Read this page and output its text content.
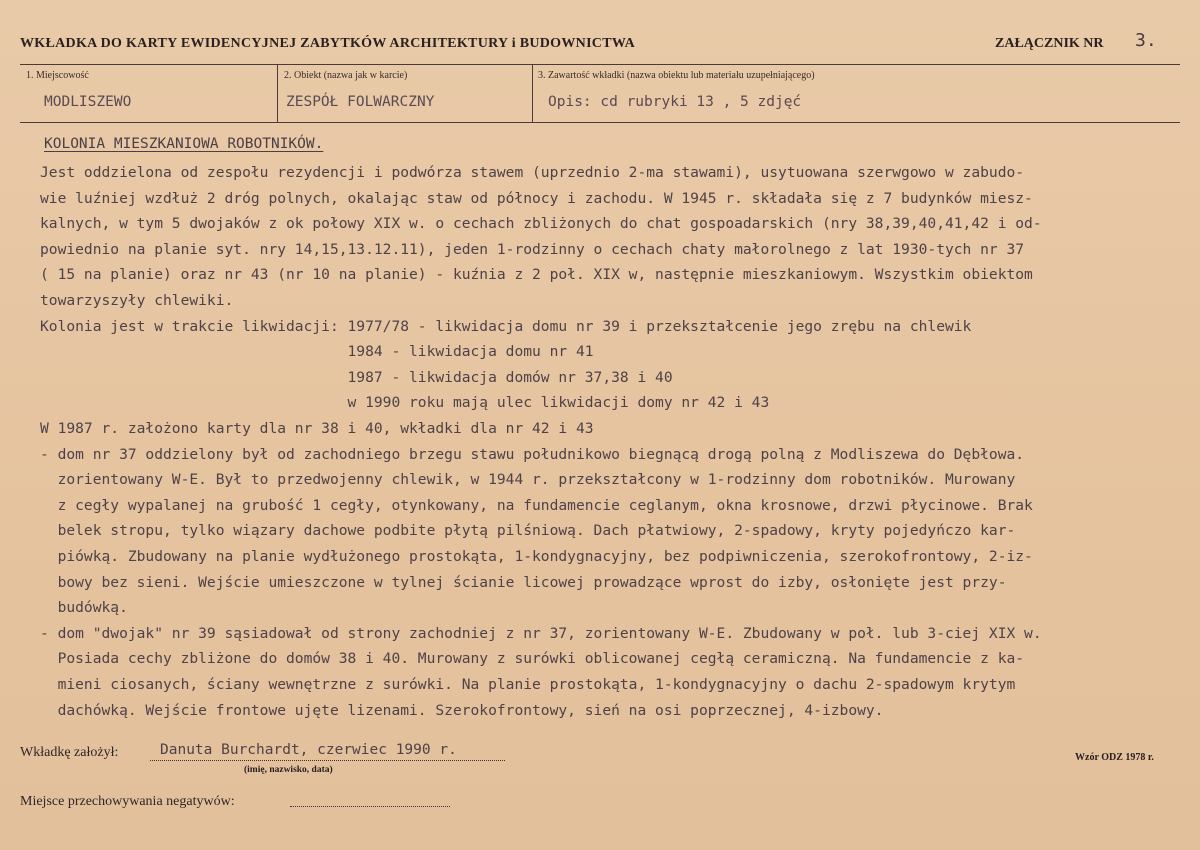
WKŁADKA DO KARTY EWIDENCYJNEJ ZABYTKÓW ARCHITEKTURY i BUDOWNICTWA	ZAŁĄCZNIK NR 3.
1. Miejscowość
MODLISZEWO
2. Obiekt (nazwa jak w karcie)
ZESPÓŁ FOLWARCZNY
3. Zawartość wkładki (nazwa obiektu lub materiału uzupełniającego)
Opis: cd rubryki 13 , 5 zdjęć
KOLONIA MIESZKANIOWA ROBOTNIKÓW.
Jest oddzielona od zespołu rezydencji i podwórza stawem (uprzednio 2-ma stawami), usytuowana szerwgowo w zabudo-
wie luźniej wzdłuż 2 dróg polnych, okalając staw od północy i zachodu. W 1945 r. składała się z 7 budynków miesz-
kalnych, w tym 5 dwojaków z ok połowy XIX w. o cechach zbliżonych do chat gospoadarskich (nry 38,39,40,41,42 i od-
powiednio na planie syt. nry 14,15,13.12.11), jeden 1-rodzinny o cechach chaty małorolnego z lat 1930-tych nr 37
( 15 na planie) oraz nr 43 (nr 10 na planie) - kuźnia z 2 poł. XIX w, następnie mieszkaniowym. Wszystkim obiektom
towarzyszyły chlewiki.
Kolonia jest w trakcie likwidacji: 1977/78 - likwidacja domu nr 39 i przekształcenie jego zrębu na chlewik
1984 - likwidacja domu nr 41
1987 - likwidacja domów nr 37,38 i 40
w 1990 roku mają ulec likwidacji domy nr 42 i 43
W 1987 r. założono karty dla nr 38 i 40, wkładki dla nr 42 i 43
- dom nr 37 oddzielony był od zachodniego brzegu stawu południkowo biegnącą drogą polną z Modliszewa do Dębłowa.
zorientowany W-E. Był to przedwojenny chlewik, w 1944 r. przekształcony w 1-rodzinny dom robotników. Murowany
z cegły wypalanej na grubość 1 cegły, otynkowany, na fundamencie ceglanym, okna krosnowe, drzwi płycinowe. Brak
belek stropu, tylko wiązary dachowe podbite płytą pilśniową. Dach płatwiowy, 2-spadowy, kryty pojedyńczo kar-
piówką. Zbudowany na planie wydłużonego prostokąta, 1-kondygnacyjny, bez podpiwniczenia, szerokofrontowy, 2-iz-
bowy bez sieni. Wejście umieszczone w tylnej ścianie licowej prowadzące wprost do izby, osłonięte jest przy-
budówką.
- dom "dwojak" nr 39 sąsiadował od strony zachodniej z nr 37, zorientowany W-E. Zbudowany w poł. lub 3-ciej XIX w.
Posiada cechy zbliżone do domów 38 i 40. Murowany z surówki oblicowanej cegłą ceramiczną. Na fundamencie z ka-
mieni ciosanych, ściany wewnętrzne z surówki. Na planie prostokąta, 1-kondygnacyjny o dachu 2-spadowym krytym
dachówką. Wejście frontowe ujęte lizenami. Szerokofrontowy, sień na osi poprzecznej, 4-izbowy.
Wkładkę założył:	Danuta Burchardt, czerwiec 1990 r.
(imię, nazwisko, data)
Wzór ODZ 1978 r.
Miejsce przechowywania negatywów:
